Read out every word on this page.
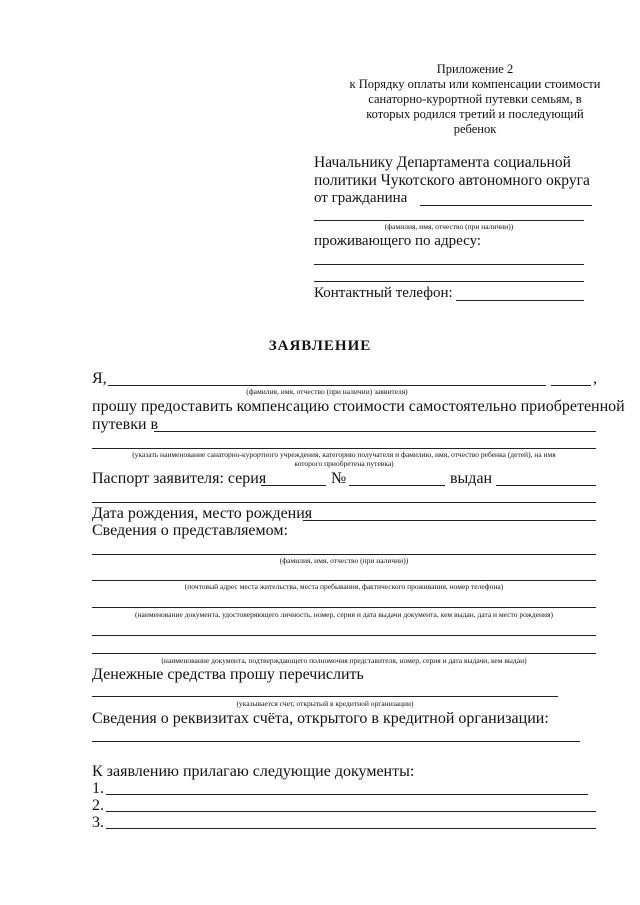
Приложение 2
к Порядку оплаты или компенсации стоимости
санаторно-курортной путевки семьям, в
которых родился третий и последующий
ребенок
Начальнику Департамента социальной
политики Чукотского автономного округа
от гражданина
(фамилия, имя, отчество (при наличии))
проживающего по адресу:
Контактный телефон:
ЗАЯВЛЕНИЕ
Я,	,
(фамилия, имя, отчество (при наличии) заявителя)
прошу предоставить компенсацию стоимости самостоятельно приобретенной
путевки в
(указать наименование санаторно-курортного учреждения, категорию получателя и фамилию, имя, отчество ребенка (детей), на имя
которого приобретена путевка)
Паспорт заявителя: серия	№	выдан
Дата рождения, место рождения
Сведения о представляемом:
(фамилия, имя, отчество (при наличии))
(почтовый адрес места жительства, места пребывания, фактического проживания, номер телефона)
(наименование документа, удостоверяющего личность, номер, серия и дата выдачи документа, кем выдан, дата и место рождения)
(наименование документа, подтверждающего полномочия представителя, номер, серия и дата выдачи, кем выдан)
Денежные средства прошу перечислить
(указывается счет, открытый в кредитной организации)
Сведения о реквизитах счёта, открытого в кредитной организации:
К заявлению прилагаю следующие документы:
1.
2.
3.
